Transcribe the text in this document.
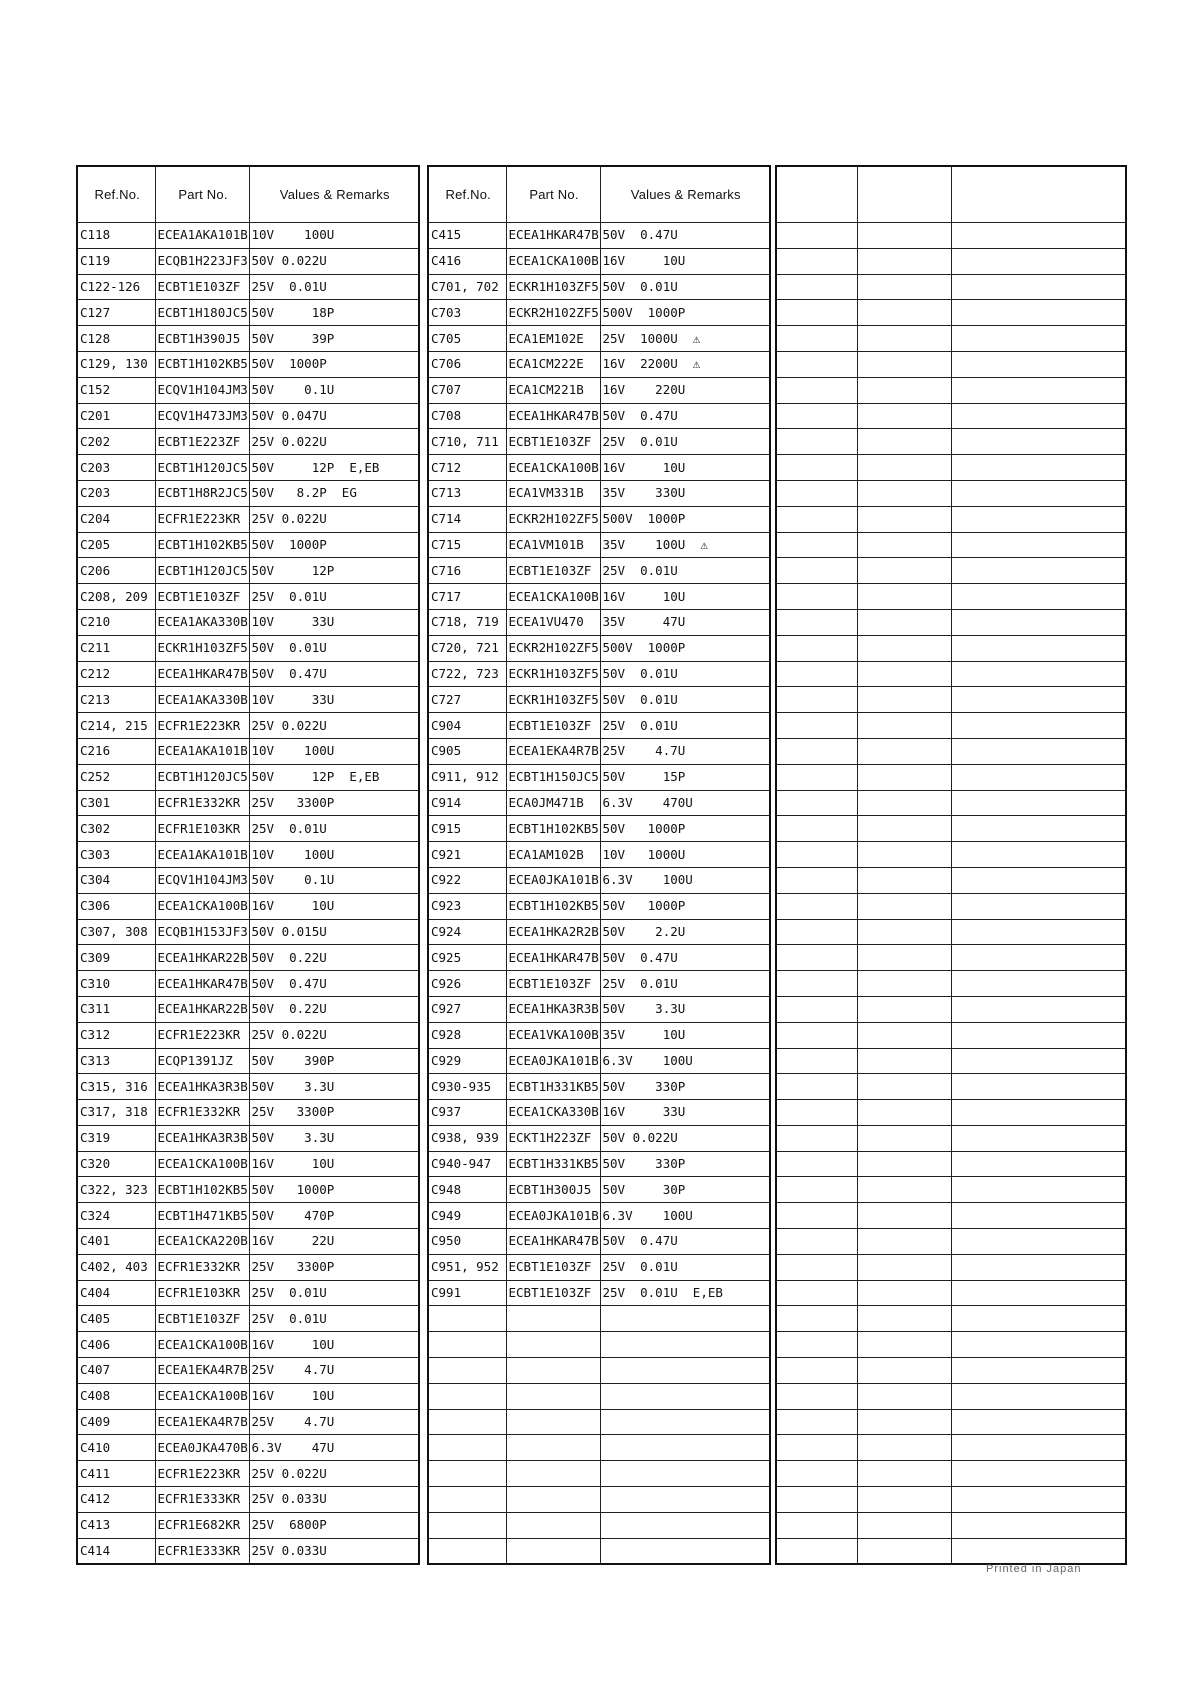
Ref.No.	Part No.	Values & Remarks
C118	ECEA1AKA101B	10V    100U
C119	ECQB1H223JF3	50V 0.022U
C122-126	ECBT1E103ZF	25V  0.01U
C127	ECBT1H180JC5	50V     18P
C128	ECBT1H390J5	50V     39P
C129, 130	ECBT1H102KB5	50V  1000P
C152	ECQV1H104JM3	50V    0.1U
C201	ECQV1H473JM3	50V 0.047U
C202	ECBT1E223ZF	25V 0.022U
C203	ECBT1H120JC5	50V     12P  E,EB
C203	ECBT1H8R2JC5	50V   8.2P  EG
C204	ECFR1E223KR	25V 0.022U
C205	ECBT1H102KB5	50V  1000P
C206	ECBT1H120JC5	50V     12P
C208, 209	ECBT1E103ZF	25V  0.01U
C210	ECEA1AKA330B	10V     33U
C211	ECKR1H103ZF5	50V  0.01U
C212	ECEA1HKAR47B	50V  0.47U
C213	ECEA1AKA330B	10V     33U
C214, 215	ECFR1E223KR	25V 0.022U
C216	ECEA1AKA101B	10V    100U
C252	ECBT1H120JC5	50V     12P  E,EB
C301	ECFR1E332KR	25V   3300P
C302	ECFR1E103KR	25V  0.01U
C303	ECEA1AKA101B	10V    100U
C304	ECQV1H104JM3	50V    0.1U
C306	ECEA1CKA100B	16V     10U
C307, 308	ECQB1H153JF3	50V 0.015U
C309	ECEA1HKAR22B	50V  0.22U
C310	ECEA1HKAR47B	50V  0.47U
C311	ECEA1HKAR22B	50V  0.22U
C312	ECFR1E223KR	25V 0.022U
C313	ECQP1391JZ	50V    390P
C315, 316	ECEA1HKA3R3B	50V    3.3U
C317, 318	ECFR1E332KR	25V   3300P
C319	ECEA1HKA3R3B	50V    3.3U
C320	ECEA1CKA100B	16V     10U
C322, 323	ECBT1H102KB5	50V   1000P
C324	ECBT1H471KB5	50V    470P
C401	ECEA1CKA220B	16V     22U
C402, 403	ECFR1E332KR	25V   3300P
C404	ECFR1E103KR	25V  0.01U
C405	ECBT1E103ZF	25V  0.01U
C406	ECEA1CKA100B	16V     10U
C407	ECEA1EKA4R7B	25V    4.7U
C408	ECEA1CKA100B	16V     10U
C409	ECEA1EKA4R7B	25V    4.7U
C410	ECEA0JKA470B	6.3V    47U
C411	ECFR1E223KR	25V 0.022U
C412	ECFR1E333KR	25V 0.033U
C413	ECFR1E682KR	25V  6800P
C414	ECFR1E333KR	25V 0.033U
Ref.No.	Part No.	Values & Remarks
C415	ECEA1HKAR47B	50V  0.47U
C416	ECEA1CKA100B	16V     10U
C701, 702	ECKR1H103ZF5	50V  0.01U
C703	ECKR2H102ZF5	500V  1000P
C705	ECA1EM102E	25V  1000U  ⚠
C706	ECA1CM222E	16V  2200U  ⚠
C707	ECA1CM221B	16V    220U
C708	ECEA1HKAR47B	50V  0.47U
C710, 711	ECBT1E103ZF	25V  0.01U
C712	ECEA1CKA100B	16V     10U
C713	ECA1VM331B	35V    330U
C714	ECKR2H102ZF5	500V  1000P
C715	ECA1VM101B	35V    100U  ⚠
C716	ECBT1E103ZF	25V  0.01U
C717	ECEA1CKA100B	16V     10U
C718, 719	ECEA1VU470	35V     47U
C720, 721	ECKR2H102ZF5	500V  1000P
C722, 723	ECKR1H103ZF5	50V  0.01U
C727	ECKR1H103ZF5	50V  0.01U
C904	ECBT1E103ZF	25V  0.01U
C905	ECEA1EKA4R7B	25V    4.7U
C911, 912	ECBT1H150JC5	50V     15P
C914	ECA0JM471B	6.3V    470U
C915	ECBT1H102KB5	50V   1000P
C921	ECA1AM102B	10V   1000U
C922	ECEA0JKA101B	6.3V    100U
C923	ECBT1H102KB5	50V   1000P
C924	ECEA1HKA2R2B	50V    2.2U
C925	ECEA1HKAR47B	50V  0.47U
C926	ECBT1E103ZF	25V  0.01U
C927	ECEA1HKA3R3B	50V    3.3U
C928	ECEA1VKA100B	35V     10U
C929	ECEA0JKA101B	6.3V    100U
C930-935	ECBT1H331KB5	50V    330P
C937	ECEA1CKA330B	16V     33U
C938, 939	ECKT1H223ZF	50V 0.022U
C940-947	ECBT1H331KB5	50V    330P
C948	ECBT1H300J5	50V     30P
C949	ECEA0JKA101B	6.3V    100U
C950	ECEA1HKAR47B	50V  0.47U
C951, 952	ECBT1E103ZF	25V  0.01U
C991	ECBT1E103ZF	25V  0.01U  E,EB

Printed in Japan
